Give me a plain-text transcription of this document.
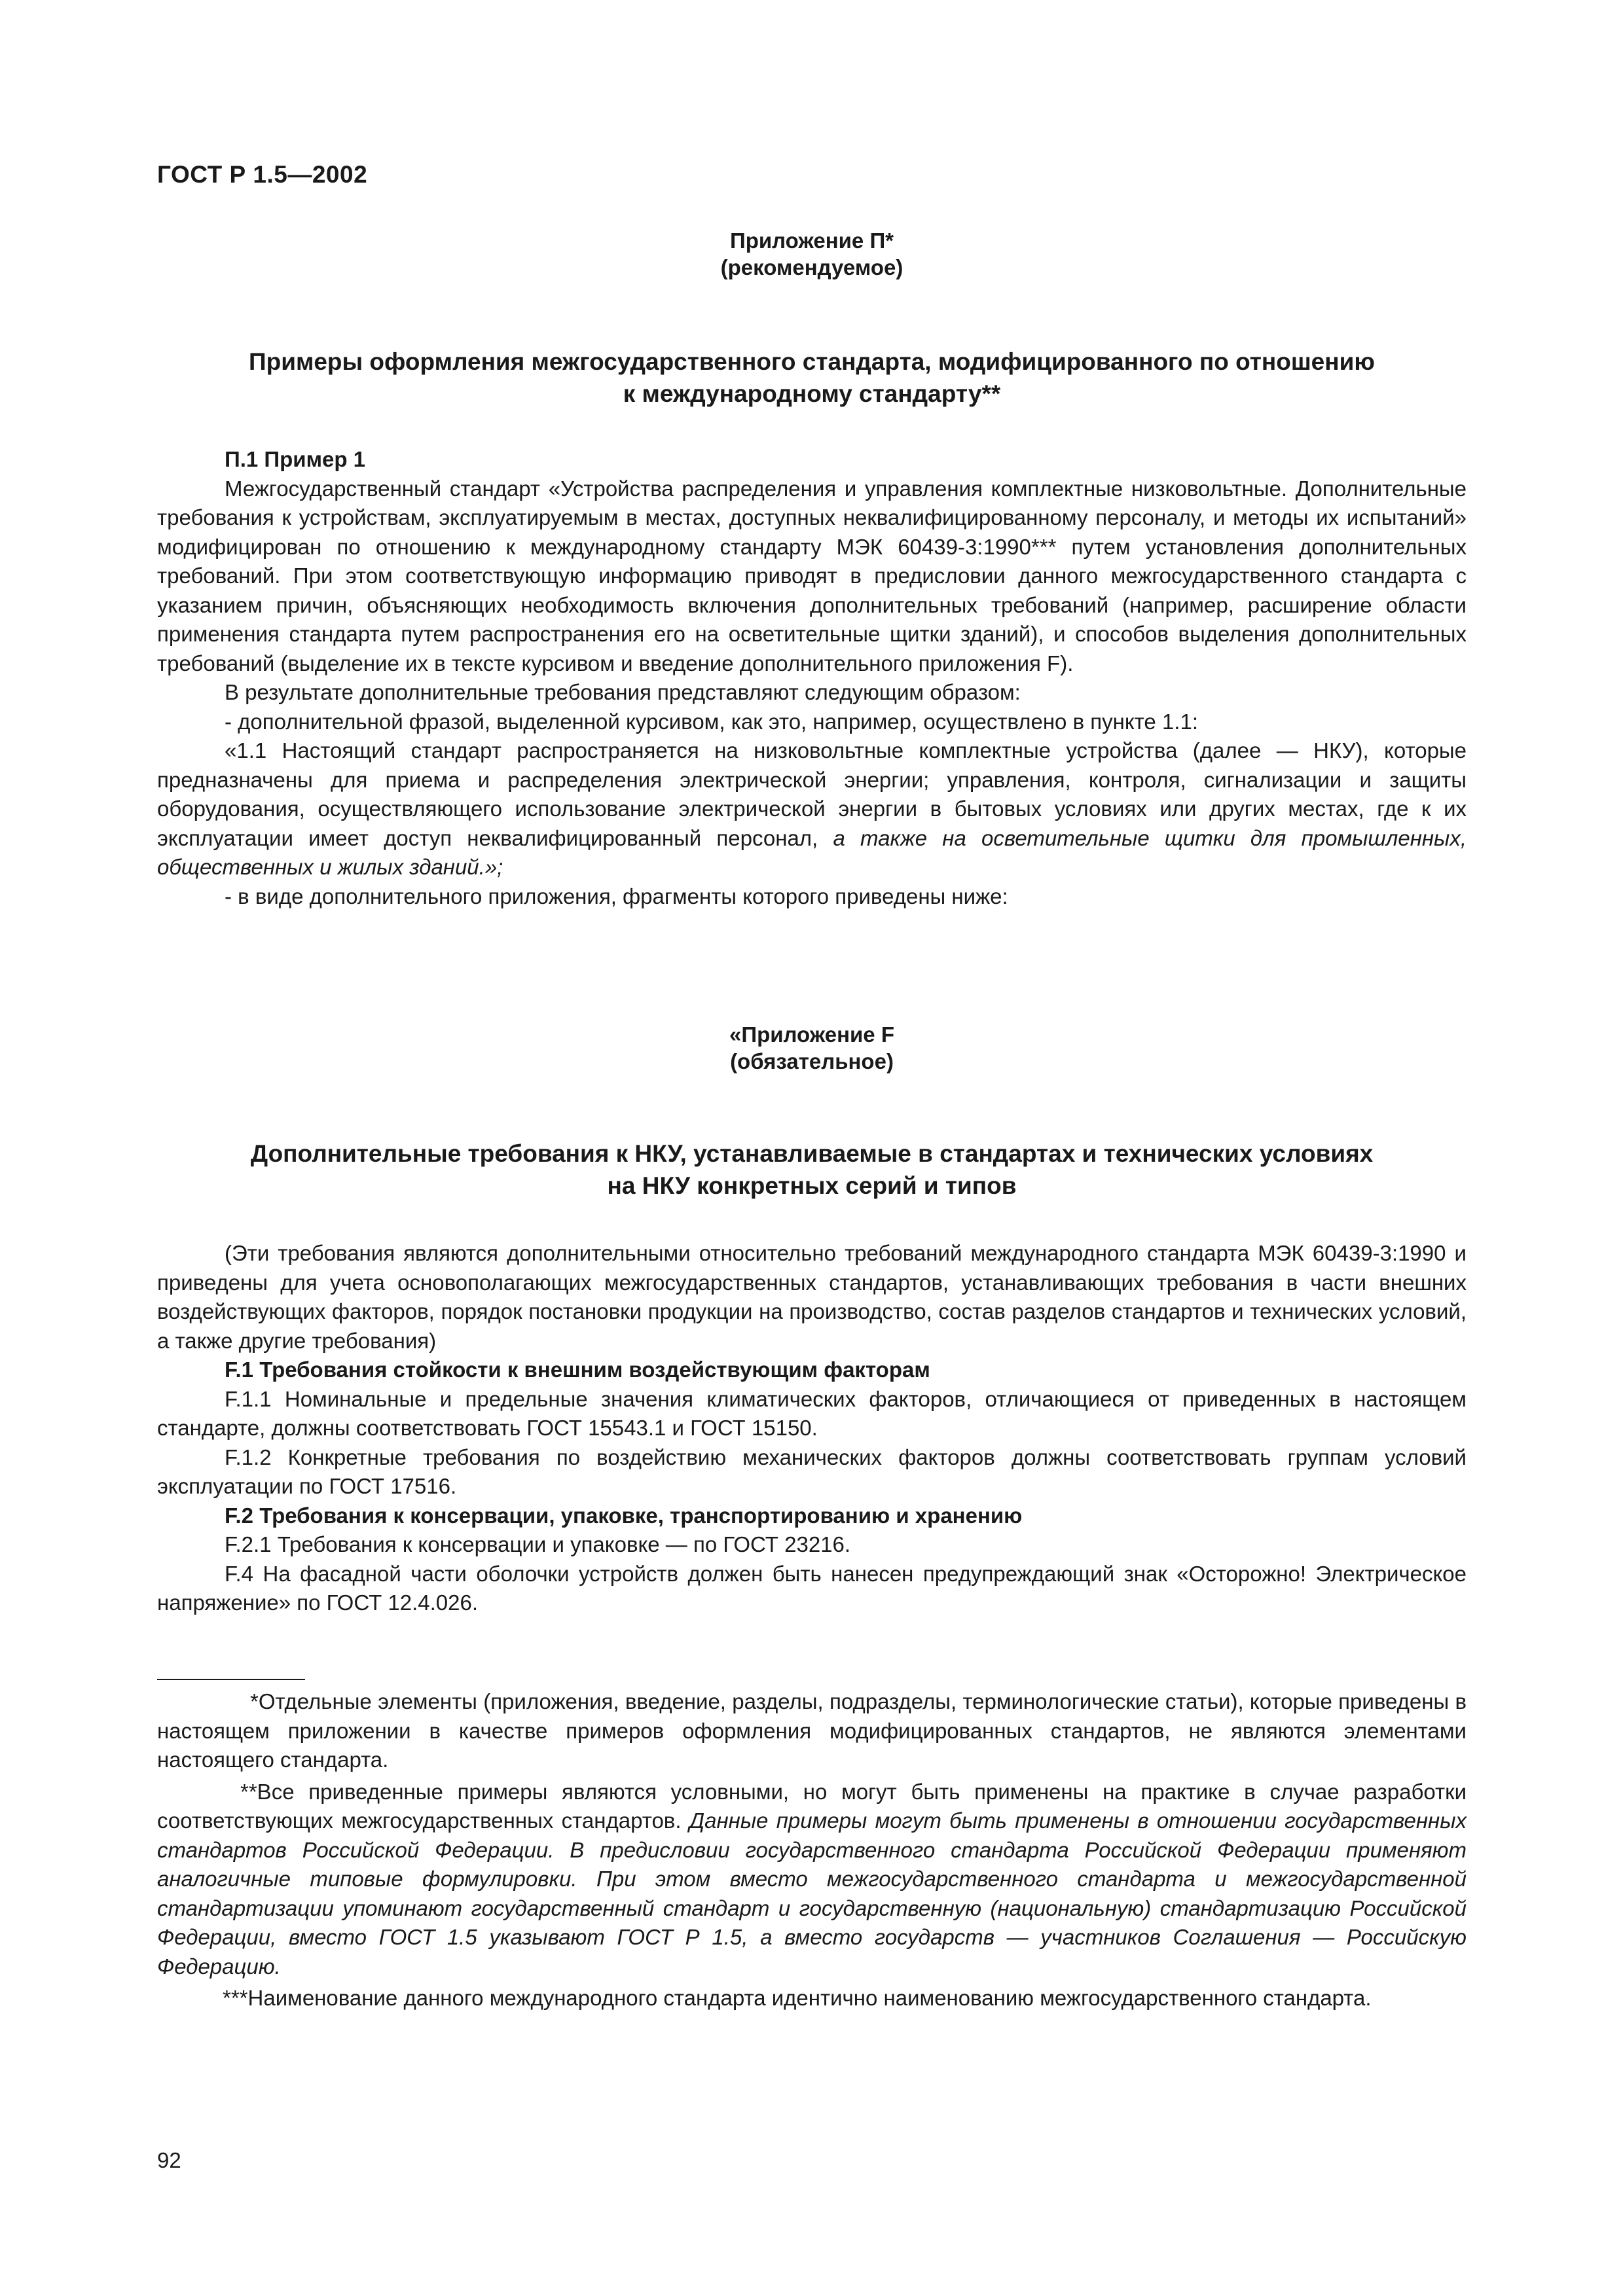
ГОСТ Р 1.5—2002
Приложение П*
(рекомендуемое)
Примеры оформления межгосударственного стандарта, модифицированного по отношению
к международному стандарту**

П.1 Пример 1

Межгосударственный стандарт «Устройства распределения и управления комплектные низковольтные. Дополнительные требования к устройствам, эксплуатируемым в местах, доступных неквалифицированному персоналу, и методы их испытаний» модифицирован по отношению к международному стандарту МЭК 60439-3:1990*** путем установления дополнительных требований. При этом соответствующую информацию приводят в предисловии данного межгосударственного стандарта с указанием причин, объясняющих необходимость включения дополнительных требований (например, расширение области применения стандарта путем распространения его на осветительные щитки зданий), и способов выделения дополнительных требований (выделение их в тексте курсивом и введение дополнительного приложения F).

В результате дополнительные требования представляют следующим образом:

- дополнительной фразой, выделенной курсивом, как это, например, осуществлено в пункте 1.1:

«1.1 Настоящий стандарт распространяется на низковольтные комплектные устройства (далее — НКУ), которые предназначены для приема и распределения электрической энергии; управления, контроля, сигнализации и защиты оборудования, осуществляющего использование электрической энергии в бытовых условиях или других местах, где к их эксплуатации имеет доступ неквалифицированный персонал, а также на осветительные щитки для промышленных, общественных и жилых зданий.»;

- в виде дополнительного приложения, фрагменты которого приведены ниже:

«Приложение F
(обязательное)
Дополнительные требования к НКУ, устанавливаемые в стандартах и технических условиях
на НКУ конкретных серий и типов

(Эти требования являются дополнительными относительно требований международного стандарта МЭК 60439-3:1990 и приведены для учета основополагающих межгосударственных стандартов, устанавливающих требования в части внешних воздействующих факторов, порядок постановки продукции на производство, состав разделов стандартов и технических условий, а также другие требования)

F.1 Требования стойкости к внешним воздействующим факторам

F.1.1 Номинальные и предельные значения климатических факторов, отличающиеся от приведенных в настоящем стандарте, должны соответствовать ГОСТ 15543.1 и ГОСТ 15150.

F.1.2 Конкретные требования по воздействию механических факторов должны соответствовать группам условий эксплуатации по ГОСТ 17516.

F.2 Требования к консервации, упаковке, транспортированию и хранению

F.2.1 Требования к консервации и упаковке — по ГОСТ 23216.

F.4 На фасадной части оболочки устройств должен быть нанесен предупреждающий знак «Осторожно! Электрическое напряжение» по ГОСТ 12.4.026.

*Отдельные элементы (приложения, введение, разделы, подразделы, терминологические статьи), которые приведены в настоящем приложении в качестве примеров оформления модифицированных стандартов, не являются элементами настоящего стандарта.

**Все приведенные примеры являются условными, но могут быть применены на практике в случае разработки соответствующих межгосударственных стандартов. Данные примеры могут быть применены в отношении государственных стандартов Российской Федерации. В предисловии государственного стандарта Российской Федерации применяют аналогичные типовые формулировки. При этом вместо межгосударственного стандарта и межгосударственной стандартизации упоминают государственный стандарт и государственную (национальную) стандартизацию Российской Федерации, вместо ГОСТ 1.5 указывают ГОСТ Р 1.5, а вместо государств — участников Соглашения — Российскую Федерацию.

***Наименование данного международного стандарта идентично наименованию межгосударственного стандарта.

92
